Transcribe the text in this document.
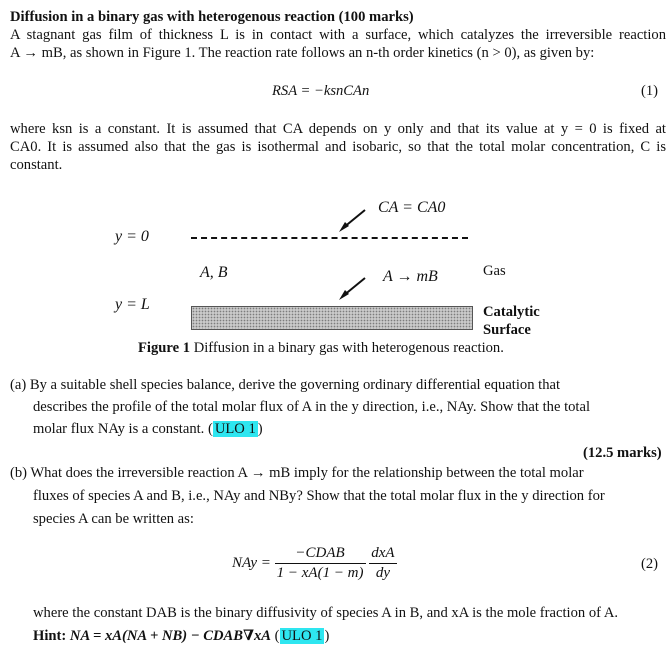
Diffusion in a binary gas with heterogenous reaction (100 marks)
A stagnant gas film of thickness L is in contact with a surface, which catalyzes the irreversible reaction
A → mB, as shown in Figure 1. The reaction rate follows an n-th order kinetics (n > 0), as given by:
RSA = −ksnCAn	(1)
where ksn is a constant. It is assumed that CA depends on y only and that its value at y = 0 is fixed at
CA0. It is assumed also that the gas is isothermal and isobaric, so that the total molar concentration, C is
constant.
CA = CA0
y = 0
A, B	A → mB	Gas
y = L	Catalytic
Surface
Figure 1 Diffusion in a binary gas with heterogenous reaction.
(a) By a suitable shell species balance, derive the governing ordinary differential equation that
describes the profile of the total molar flux of A in the y direction, i.e., NAy. Show that the total
molar flux NAy is a constant. ( ULO 1 )
(12.5 marks)
(b) What does the irreversible reaction A → mB imply for the relationship between the total molar
fluxes of species A and B, i.e., NAy and NBy? Show that the total molar flux in the y direction for
species A can be written as:
NAy = $\frac{\text{−CDAB}}{1 - xA(1 - m)}$
$\frac{\text{dxA}}{dy}$	(2)
where the constant DAB is the binary diffusivity of species A in B, and xA is the mole fraction of A.
Hint: NA = xA(NA + NB) − CDAB∇xA ( ULO 1 )
